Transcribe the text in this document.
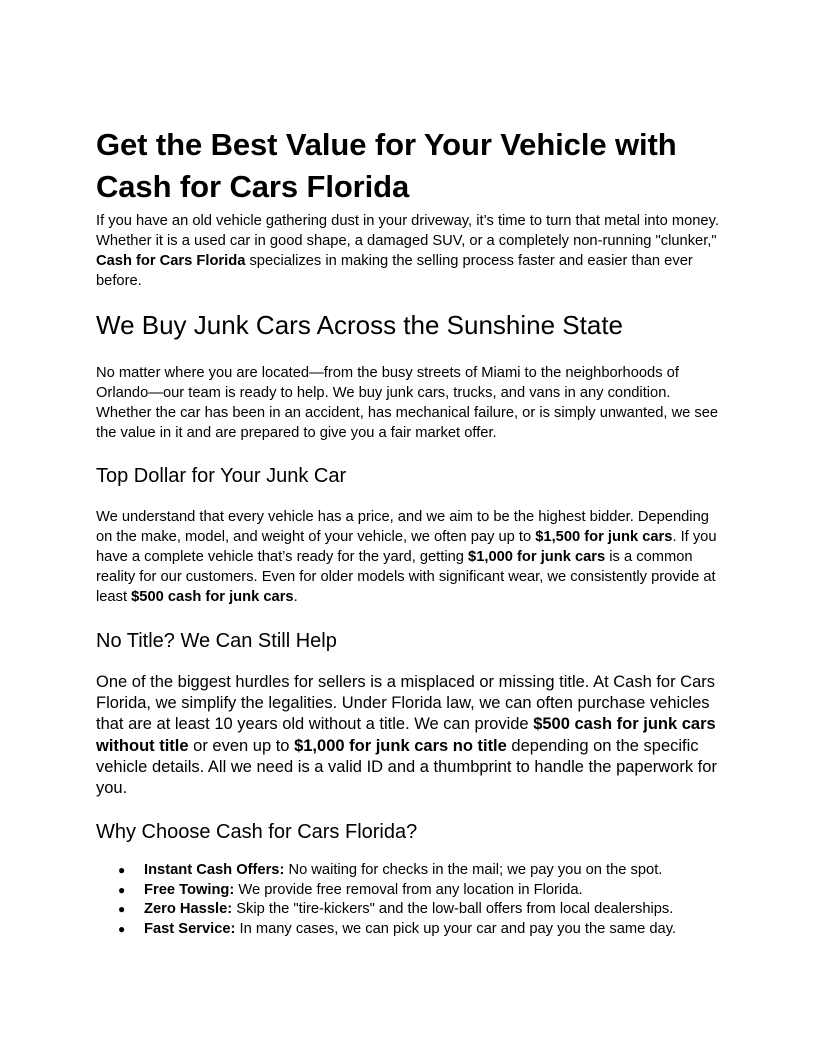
Get the Best Value for Your Vehicle with
Cash for Cars Florida

If you have an old vehicle gathering dust in your driveway, it’s time to turn that metal into money. Whether it is a used car in good shape, a damaged SUV, or a completely non-running "clunker," Cash for Cars Florida specializes in making the selling process faster and easier than ever before.

We Buy Junk Cars Across the Sunshine State

No matter where you are located—from the busy streets of Miami to the neighborhoods of Orlando—our team is ready to help. We buy junk cars, trucks, and vans in any condition. Whether the car has been in an accident, has mechanical failure, or is simply unwanted, we see the value in it and are prepared to give you a fair market offer.

Top Dollar for Your Junk Car

We understand that every vehicle has a price, and we aim to be the highest bidder. Depending on the make, model, and weight of your vehicle, we often pay up to $1,500 for junk cars. If you have a complete vehicle that’s ready for the yard, getting $1,000 for junk cars is a common reality for our customers. Even for older models with significant wear, we consistently provide at least $500 cash for junk cars.

No Title? We Can Still Help

One of the biggest hurdles for sellers is a misplaced or missing title. At Cash for Cars Florida, we simplify the legalities. Under Florida law, we can often purchase vehicles that are at least 10 years old without a title. We can provide $500 cash for junk cars without title or even up to $1,000 for junk cars no title depending on the specific vehicle details. All we need is a valid ID and a thumbprint to handle the paperwork for you.

Why Choose Cash for Cars Florida?
● Instant Cash Offers: No waiting for checks in the mail; we pay you on the spot.
● Free Towing: We provide free removal from any location in Florida.
● Zero Hassle: Skip the "tire-kickers" and the low-ball offers from local dealerships.
● Fast Service: In many cases, we can pick up your car and pay you the same day.
